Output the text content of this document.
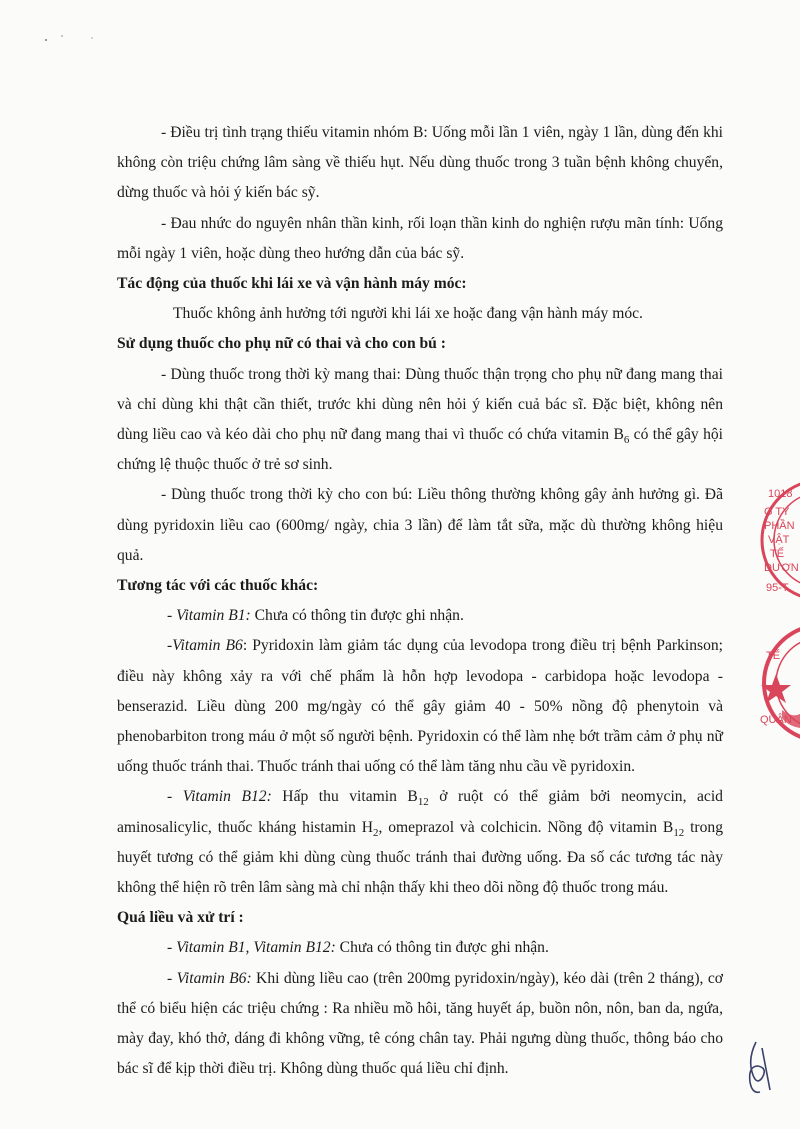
- Điều trị tình trạng thiếu vitamin nhóm B: Uống mỗi lần 1 viên, ngày 1 lần, dùng đến khi không còn triệu chứng lâm sàng về thiếu hụt. Nếu dùng thuốc trong 3 tuần bệnh không chuyển, dừng thuốc và hỏi ý kiến bác sỹ.

- Đau nhức do nguyên nhân thần kinh, rối loạn thần kinh do nghiện rượu mãn tính: Uống mỗi ngày 1 viên, hoặc dùng theo hướng dẫn của bác sỹ.

Tác động của thuốc khi lái xe và vận hành máy móc:

Thuốc không ảnh hưởng tới người khi lái xe hoặc đang vận hành máy móc.

Sử dụng thuốc cho phụ nữ có thai và cho con bú :

- Dùng thuốc trong thời kỳ mang thai: Dùng thuốc thận trọng cho phụ nữ đang mang thai và chỉ dùng khi thật cần thiết, trước khi dùng nên hỏi ý kiến cuả bác sĩ. Đặc biệt, không nên dùng liều cao và kéo dài cho phụ nữ đang mang thai vì thuốc có chứa vitamin $B_6$ có thể gây hội chứng lệ thuộc thuốc ở trẻ sơ sinh.

- Dùng thuốc trong thời kỳ cho con bú: Liều thông thường không gây ảnh hưởng gì. Đã dùng pyridoxin liều cao (600mg/ ngày, chia 3 lần) để làm tắt sữa, mặc dù thường không hiệu quả.

Tương tác với các thuốc khác:

- Vitamin B1: Chưa có thông tin được ghi nhận.

-Vitamin B6: Pyridoxin làm giảm tác dụng của levodopa trong điều trị bệnh Parkinson; điều này không xảy ra với chế phẩm là hỗn hợp levodopa - carbidopa hoặc levodopa - benserazid. Liều dùng 200 mg/ngày có thể gây giảm 40 - 50% nồng độ phenytoin và phenobarbiton trong máu ở một số người bệnh. Pyridoxin có thể làm nhẹ bớt trầm cảm ở phụ nữ uống thuốc tránh thai. Thuốc tránh thai uống có thể làm tăng nhu cầu về pyridoxin.

- Vitamin B12: Hấp thu vitamin $B_{12}$ ở ruột có thể giảm bởi neomycin, acid aminosalicylic, thuốc kháng histamin $H_2$, omeprazol và colchicin. Nồng độ vitamin $B_{12}$ trong huyết tương có thể giảm khi dùng cùng thuốc tránh thai đường uống. Đa số các tương tác này không thể hiện rõ trên lâm sàng mà chỉ nhận thấy khi theo dõi nồng độ thuốc trong máu.

Quá liều và xử trí :

- Vitamin B1, Vitamin B12: Chưa có thông tin được ghi nhận.

- Vitamin B6: Khi dùng liều cao (trên 200mg pyridoxin/ngày), kéo dài (trên 2 tháng), cơ thể có biểu hiện các triệu chứng : Ra nhiều mồ hôi, tăng huyết áp, buồn nôn, nôn, ban da, ngứa, mày đay, khó thở, dáng đi không vững, tê cóng chân tay. Phải ngưng dùng thuốc, thông báo cho bác sĩ để kịp thời điều trị. Không dùng thuốc quá liều chỉ định.

1018
G TY
PHẦN
VẬT
TẾ
DƯƠN
95-T
TẾ
QUÂN
